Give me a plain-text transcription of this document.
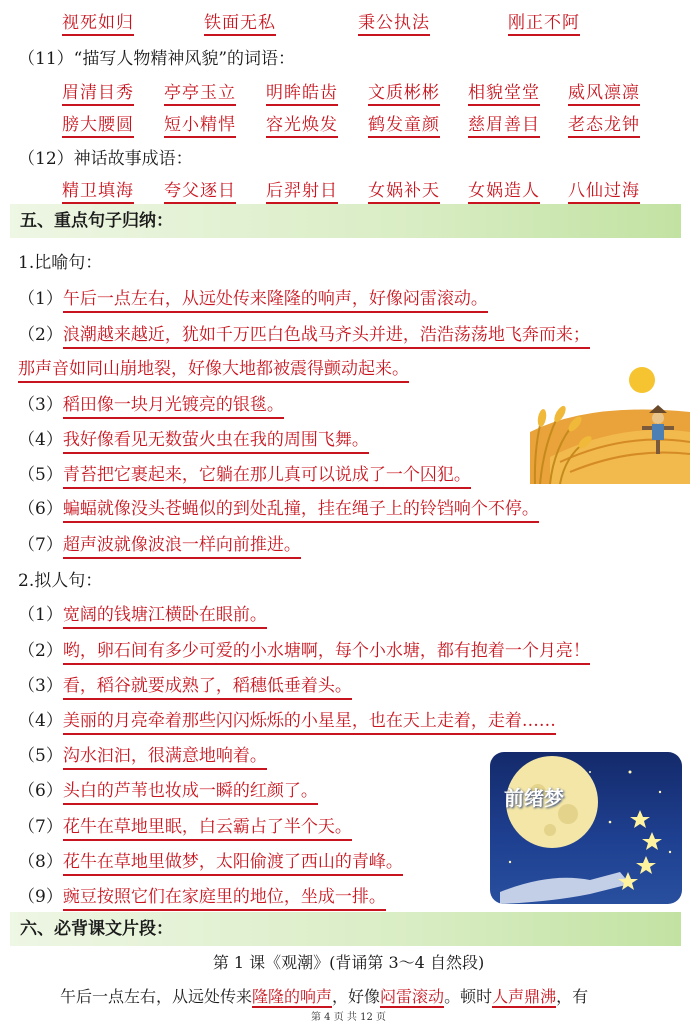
视死如归	铁面无私	秉公执法	刚正不阿
（11）“描写人物精神风貌”的词语：
眉清目秀 亭亭玉立 明眸皓齿 文质彬彬 相貌堂堂 威风凛凛
膀大腰圆 短小精悍 容光焕发 鹤发童颜 慈眉善目 老态龙钟
（12）神话故事成语：
精卫填海 夸父逐日 后羿射日 女娲补天 女娲造人 八仙过海
五、重点句子归纳：
1.比喻句：
（1）午后一点左右，从远处传来隆隆的响声，好像闷雷滚动。
（2）浪潮越来越近，犹如千万匹白色战马齐头并进，浩浩荡荡地飞奔而来；
那声音如同山崩地裂，好像大地都被震得颤动起来。
（3）稻田像一块月光镀亮的银毯。
（4）我好像看见无数萤火虫在我的周围飞舞。
（5）青苔把它裹起来，它躺在那儿真可以说成了一个囚犯。
（6）蝙蝠就像没头苍蝇似的到处乱撞，挂在绳子上的铃铛响个不停。
（7）超声波就像波浪一样向前推进。
2.拟人句：
（1）宽阔的钱塘江横卧在眼前。
（2）哟，卵石间有多少可爱的小水塘啊，每个小水塘，都有抱着一个月亮！
（3）看，稻谷就要成熟了，稻穗低垂着头。
（4）美丽的月亮牵着那些闪闪烁烁的小星星，也在天上走着，走着……
（5）沟水汩汩，很满意地响着。
（6）头白的芦苇也妆成一瞬的红颜了。
（7）花牛在草地里眠，白云霸占了半个天。
（8）花牛在草地里做梦，太阳偷渡了西山的青峰。
（9）豌豆按照它们在家庭里的地位，坐成一排。
前绪梦
六、必背课文片段：
第 1 课《观潮》(背诵第 3～4 自然段)
午后一点左右，从远处传来隆隆的响声，好像闷雷滚动。顿时人声鼎沸，有
第 4 页 共 12 页
